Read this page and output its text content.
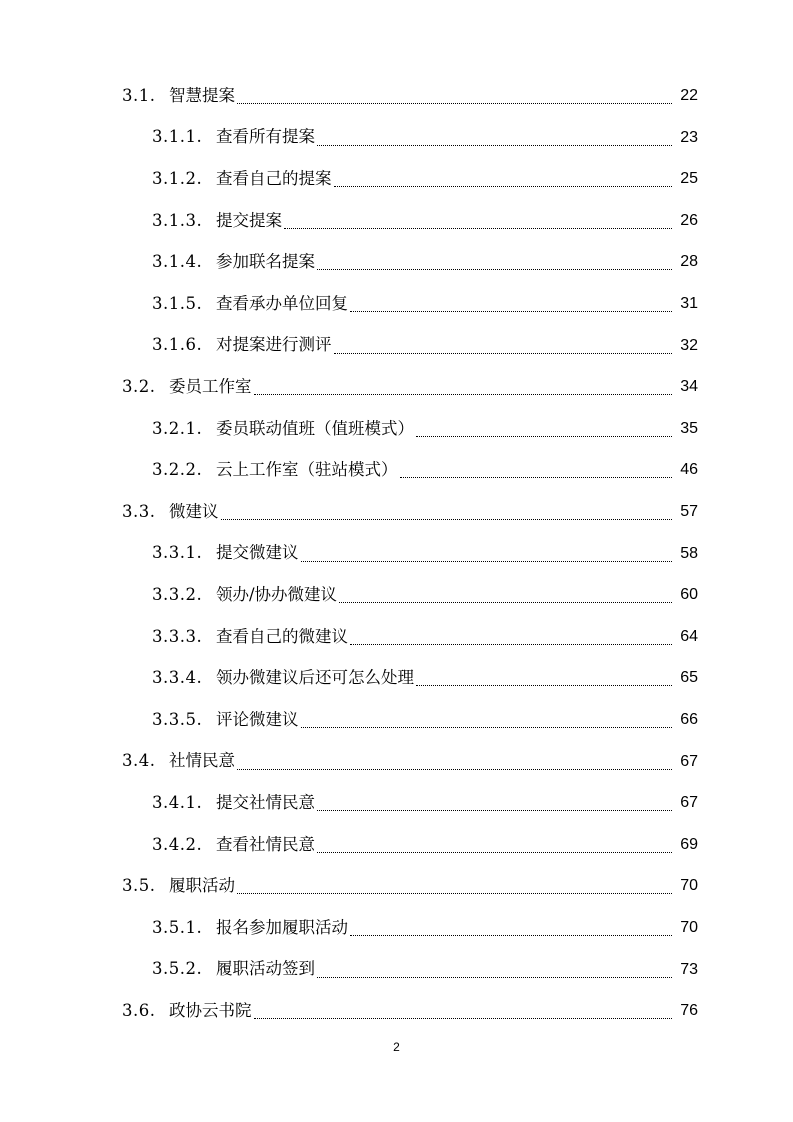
3.1. 智慧提案	22
3.1.1. 查看所有提案	23
3.1.2. 查看自己的提案	25
3.1.3. 提交提案	26
3.1.4. 参加联名提案	28
3.1.5. 查看承办单位回复	31
3.1.6. 对提案进行测评	32
3.2. 委员工作室	34
3.2.1. 委员联动值班（值班模式）	35
3.2.2. 云上工作室（驻站模式）	46
3.3. 微建议	57
3.3.1. 提交微建议	58
3.3.2. 领办/协办微建议	60
3.3.3. 查看自己的微建议	64
3.3.4. 领办微建议后还可怎么处理	65
3.3.5. 评论微建议	66
3.4. 社情民意	67
3.4.1. 提交社情民意	67
3.4.2. 查看社情民意	69
3.5. 履职活动	70
3.5.1. 报名参加履职活动	70
3.5.2. 履职活动签到	73
3.6. 政协云书院	76
2
